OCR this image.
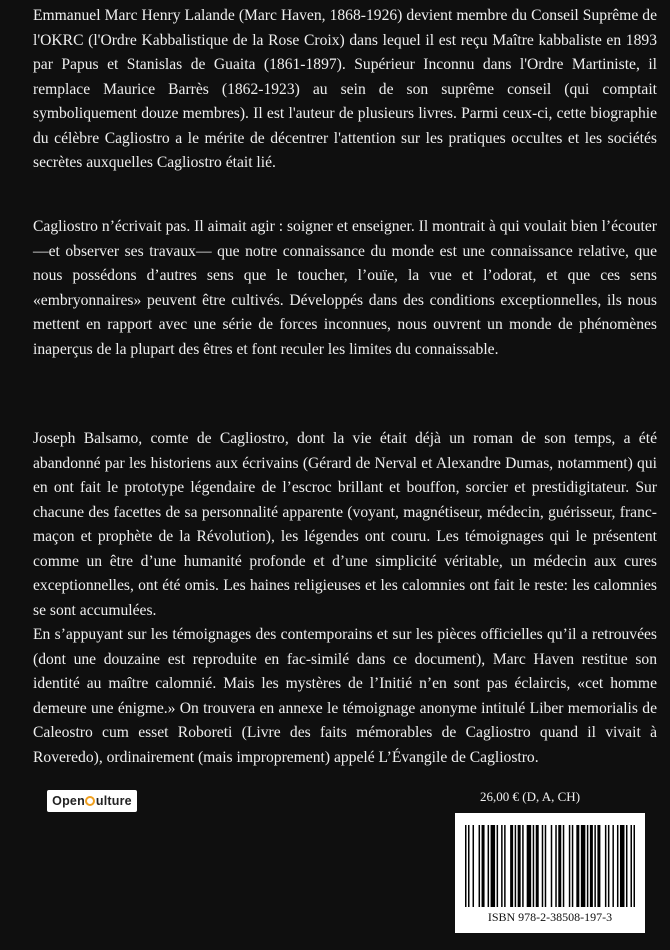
Emmanuel Marc Henry Lalande (Marc Haven, 1868-1926) devient membre du Conseil Suprême de l'OKRC (l'Ordre Kabbalistique de la Rose Croix) dans lequel il est reçu Maître kabbaliste en 1893 par Papus et Stanislas de Guaita (1861-1897). Supérieur Inconnu dans l'Ordre Martiniste, il remplace Maurice Barrès (1862-1923) au sein de son suprême conseil (qui comptait symboliquement douze membres). Il est l'auteur de plusieurs livres. Parmi ceux-ci, cette biographie du célèbre Cagliostro a le mérite de décentrer l'attention sur les pratiques occultes et les sociétés secrètes auxquelles Cagliostro était lié.

Cagliostro n’écrivait pas. Il aimait agir : soigner et enseigner. Il montrait à qui voulait bien l’écouter —et observer ses travaux— que notre connaissance du monde est une connaissance relative, que nous possédons d’autres sens que le toucher, l’ouïe, la vue et l’odorat, et que ces sens «embryonnaires» peuvent être cultivés. Développés dans des conditions exceptionnelles, ils nous mettent en rapport avec une série de forces inconnues, nous ouvrent un monde de phénomènes inaperçus de la plupart des êtres et font reculer les limites du connaissable.

Joseph Balsamo, comte de Cagliostro, dont la vie était déjà un roman de son temps, a été abandonné par les historiens aux écrivains (Gérard de Nerval et Alexandre Dumas, notamment) qui en ont fait le prototype légendaire de l’escroc brillant et bouffon, sorcier et prestidigitateur. Sur chacune des facettes de sa personnalité apparente (voyant, magnétiseur, médecin, guérisseur, franc-maçon et prophète de la Révolution), les légendes ont couru. Les témoignages qui le présentent comme un être d’une humanité profonde et d’une simplicité véritable, un médecin aux cures exceptionnelles, ont été omis. Les haines religieuses et les calomnies ont fait le reste: les calomnies se sont accumulées.

En s’appuyant sur les témoignages des contemporains et sur les pièces officielles qu’il a retrouvées (dont une douzaine est reproduite en fac-similé dans ce document), Marc Haven restitue son identité au maître calomnié. Mais les mystères de l’Initié n’en sont pas éclaircis, «cet homme demeure une énigme.» On trouvera en annexe le témoignage anonyme intitulé Liber memorialis de Caleostro cum esset Roboreti (Livre des faits mémorables de Cagliostro quand il vivait à Roveredo), ordinairement (mais improprement) appelé L’Évangile de Cagliostro.

Open ulture	26,00 € (D, A, CH)
ISBN 978-2-38508-197-3
